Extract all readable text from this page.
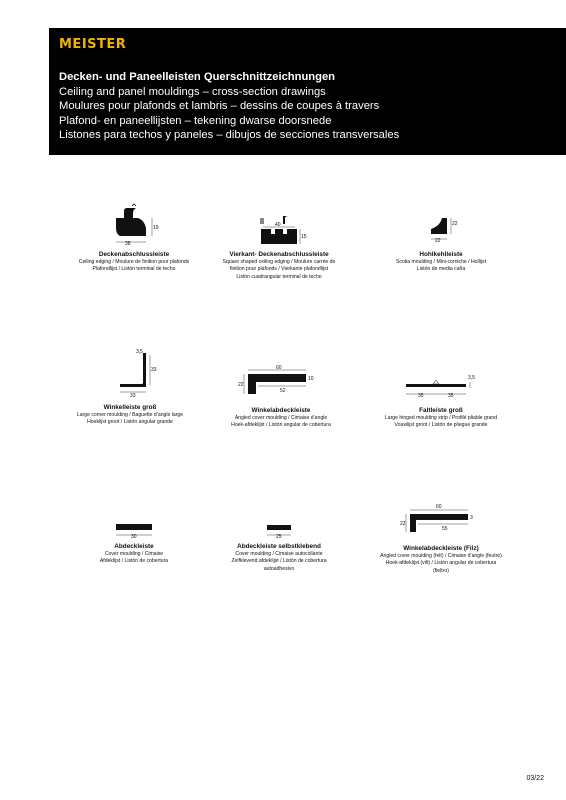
MEISTER
Decken- und Paneelleisten Querschnittzeichnungen
Ceiling and panel mouldings – cross-section drawings
Moulures pour plafonds et lambris – dessins de coupes à travers
Plafond- en paneellijsten – tekening dwarse doorsnede
Listones para techos y paneles – dibujos de secciones transversales
38
19
Deckenabschlussleiste
Ceiling edging / Moulure de finition pour plafonds
Plafondlijst / Listón terminal de techo
40
15
Vierkant- Deckenabschlussleiste
Square shaped ceiling edging / Moulure carrée de
finition pour plafonds / Vierkante plafondlijst
Listón cuadrangular terminal de techo
22
22
Hohlkehlleiste
Scotia moulding / Mini-corniche / Hollijst
Listón de media caña
3,5
33
33
Winkelleiste groß
Large corner moulding / Baguette d’angle large
Hoeklijst groot / Listón angular grande
60
22
52
10
Winkelabdeckleiste
Angled cover moulding / Cimaise d’angle
Hoek-afdeklijst / Listón angular de cobertura
35	35
3,5
Faltleiste groß
Large hinged moulding strip / Profilé pliable grand
Vouwlijst groot / Listón de pliegue grande
30
Abdeckleiste
Cover moulding / Cimaise
Afdeklijst / Listón de cobertura
25
Abdeckleiste selbstklebend
Cover moulding / Cimaise autocollante
Zelfklevend afdeklijst / Listón de cobertura
autoadhesivo
60
22
55
3
Winkelabdeckleiste (Filz)
Angled cover moulding (felt) / Cimaise d’angle (feutre)
Hoek-afdeklijst (vilt) / Listón angular de cobertura
(fieltro)
03/22
